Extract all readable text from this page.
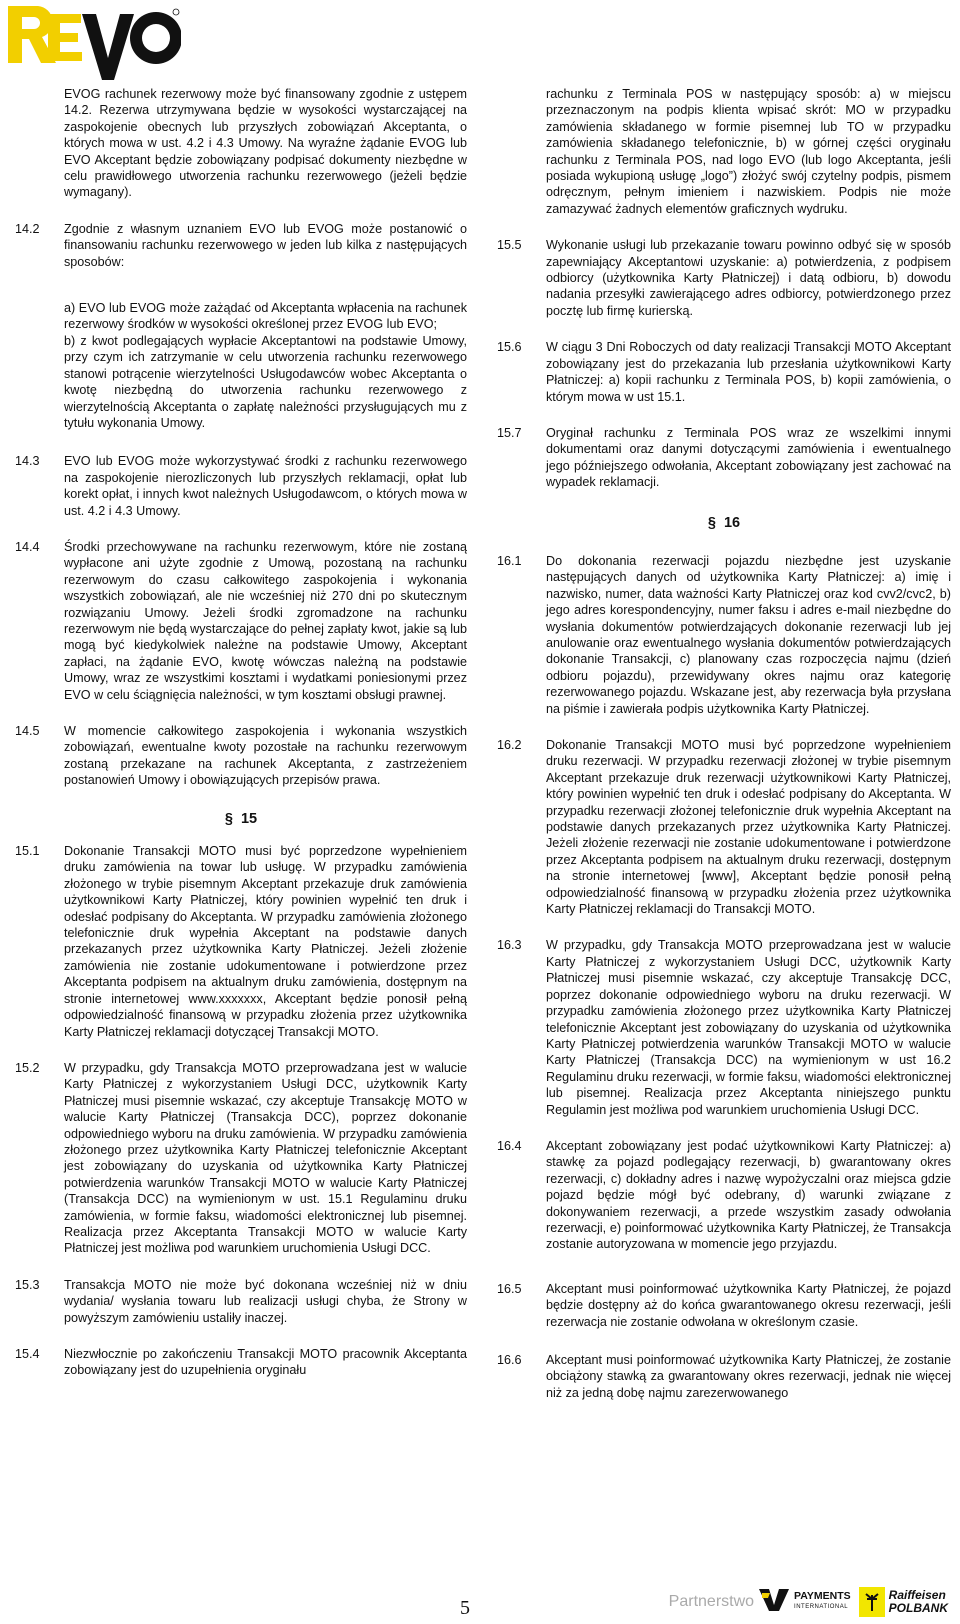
EVOG rachunek rezerwowy może być finansowany zgodnie z ustępem 14.2. Rezerwa utrzymywana będzie w wysokości wystarczającej na zaspokojenie obecnych lub przyszłych zobowiązań Akceptanta, o których mowa w ust. 4.2 i 4.3 Umowy. Na wyraźne żądanie EVOG lub EVO Akceptant będzie zobowiązany podpisać dokumenty niezbędne w celu prawidłowego utworzenia rachunku rezerwowego (jeżeli będzie wymagany).

14.2	Zgodnie z własnym uznaniem EVO lub EVOG może postanowić o finansowaniu rachunku rezerwowego w jeden lub kilka z następujących sposobów:

a) EVO lub EVOG może zażądać od Akceptanta wpłacenia na rachunek rezerwowy środków w wysokości określonej przez EVOG lub EVO;

b) z kwot podlegających wypłacie Akceptantowi na podstawie Umowy, przy czym ich zatrzymanie w celu utworzenia rachunku rezerwowego stanowi potrącenie wierzytelności Usługodawców wobec Akceptanta o kwotę niezbędną do utworzenia rachunku rezerwowego z wierzytelnością Akceptanta o zapłatę należności przysługujących mu z tytułu wykonania Umowy.

14.3	EVO lub EVOG może wykorzystywać środki z rachunku rezerwowego na zaspokojenie nierozliczonych lub przyszłych reklamacji, opłat lub korekt opłat, i innych kwot należnych Usługodawcom, o których mowa w ust. 4.2 i 4.3 Umowy.

14.4	Środki przechowywane na rachunku rezerwowym, które nie zostaną wypłacone ani użyte zgodnie z Umową, pozostaną na rachunku rezerwowym do czasu całkowitego zaspokojenia i wykonania wszystkich zobowiązań, ale nie wcześniej niż 270 dni po skutecznym rozwiązaniu Umowy. Jeżeli środki zgromadzone na rachunku rezerwowym nie będą wystarczające do pełnej zapłaty kwot, jakie są lub mogą być kiedykolwiek należne na podstawie Umowy, Akceptant zapłaci, na żądanie EVO, kwotę wówczas należną na podstawie Umowy, wraz ze wszystkimi kosztami i wydatkami poniesionymi przez EVO w celu ściągnięcia należności, w tym kosztami obsługi prawnej.

14.5	W momencie całkowitego zaspokojenia i wykonania wszystkich zobowiązań, ewentualne kwoty pozostałe na rachunku rezerwowym zostaną przekazane na rachunek Akceptanta, z zastrzeżeniem postanowień Umowy i obowiązujących przepisów prawa.

§ 15
15.1	Dokonanie Transakcji MOTO musi być poprzedzone wypełnieniem druku zamówienia na towar lub usługę. W przypadku zamówienia złożonego w trybie pisemnym Akceptant przekazuje druk zamówienia użytkownikowi Karty Płatniczej, który powinien wypełnić ten druk i odesłać podpisany do Akceptanta. W przypadku zamówienia złożonego telefonicznie druk wypełnia Akceptant na podstawie danych przekazanych przez użytkownika Karty Płatniczej. Jeżeli złożenie zamówienia nie zostanie udokumentowane i potwierdzone przez Akceptanta podpisem na aktualnym druku zamówienia, dostępnym na stronie internetowej www.xxxxxxx, Akceptant będzie ponosił pełną odpowiedzialność finansową w przypadku złożenia przez użytkownika Karty Płatniczej reklamacji dotyczącej Transakcji MOTO.

15.2	W przypadku, gdy Transakcja MOTO przeprowadzana jest w walucie Karty Płatniczej z wykorzystaniem Usługi DCC, użytkownik Karty Płatniczej musi pisemnie wskazać, czy akceptuje Transakcję MOTO w walucie Karty Płatniczej (Transakcja DCC), poprzez dokonanie odpowiedniego wyboru na druku zamówienia. W przypadku zamówienia złożonego przez użytkownika Karty Płatniczej telefonicznie Akceptant jest zobowiązany do uzyskania od użytkownika Karty Płatniczej potwierdzenia warunków Transakcji MOTO w walucie Karty Płatniczej (Transakcja DCC) na wymienionym w ust. 15.1 Regulaminu druku zamówienia, w formie faksu, wiadomości elektronicznej lub pisemnej. Realizacja przez Akceptanta Transakcji MOTO w walucie Karty Płatniczej jest możliwa pod warunkiem uruchomienia Usługi DCC.

15.3	Transakcja MOTO nie może być dokonana wcześniej niż w dniu wydania/ wysłania towaru lub realizacji usługi chyba, że Strony w powyższym zamówieniu ustaliły inaczej.

15.4	Niezwłocznie po zakończeniu Transakcji MOTO pracownik Akceptanta zobowiązany jest do uzupełnienia oryginału

rachunku z Terminala POS w następujący sposób: a) w miejscu przeznaczonym na podpis klienta wpisać skrót: MO w przypadku zamówienia składanego w formie pisemnej lub TO w przypadku zamówienia składanego telefonicznie, b) w górnej części oryginału rachunku z Terminala POS, nad logo EVO (lub logo Akceptanta, jeśli posiada wykupioną usługę „logo”) złożyć swój czytelny podpis, pismem odręcznym, pełnym imieniem i nazwiskiem. Podpis nie może zamazywać żadnych elementów graficznych wydruku.

15.5	Wykonanie usługi lub przekazanie towaru powinno odbyć się w sposób zapewniający Akceptantowi uzyskanie: a) potwierdzenia, z podpisem odbiorcy (użytkownika Karty Płatniczej) i datą odbioru, b) dowodu nadania przesyłki zawierającego adres odbiorcy, potwierdzonego przez pocztę lub firmę kurierską.

15.6	W ciągu 3 Dni Roboczych od daty realizacji Transakcji MOTO Akceptant zobowiązany jest do przekazania lub przesłania użytkownikowi Karty Płatniczej: a) kopii rachunku z Terminala POS, b) kopii zamówienia, o którym mowa w ust 15.1.

15.7	Oryginał rachunku z Terminala POS wraz ze wszelkimi innymi dokumentami oraz danymi dotyczącymi zamówienia i ewentualnego jego późniejszego odwołania, Akceptant zobowiązany jest zachować na wypadek reklamacji.

§ 16
16.1	Do dokonania rezerwacji pojazdu niezbędne jest uzyskanie następujących danych od użytkownika Karty Płatniczej: a) imię i nazwisko, numer, data ważności Karty Płatniczej oraz kod cvv2/cvc2, b) jego adres korespondencyjny, numer faksu i adres e-mail niezbędne do wysłania dokumentów potwierdzających dokonanie rezerwacji lub jej anulowanie oraz ewentualnego wysłania dokumentów potwierdzających dokonanie Transakcji, c) planowany czas rozpoczęcia najmu (dzień odbioru pojazdu), przewidywany okres najmu oraz kategorię rezerwowanego pojazdu. Wskazane jest, aby rezerwacja była przysłana na piśmie i zawierała podpis użytkownika Karty Płatniczej.

16.2	Dokonanie Transakcji MOTO musi być poprzedzone wypełnieniem druku rezerwacji. W przypadku rezerwacji złożonej w trybie pisemnym Akceptant przekazuje druk rezerwacji użytkownikowi Karty Płatniczej, który powinien wypełnić ten druk i odesłać podpisany do Akceptanta. W przypadku rezerwacji złożonej telefonicznie druk wypełnia Akceptant na podstawie danych przekazanych przez użytkownika Karty Płatniczej. Jeżeli złożenie rezerwacji nie zostanie udokumentowane i potwierdzone przez Akceptanta podpisem na aktualnym druku rezerwacji, dostępnym na stronie internetowej [www], Akceptant będzie ponosił pełną odpowiedzialność finansową w przypadku złożenia przez użytkownika Karty Płatniczej reklamacji do Transakcji MOTO.

16.3	W przypadku, gdy Transakcja MOTO przeprowadzana jest w walucie Karty Płatniczej z wykorzystaniem Usługi DCC, użytkownik Karty Płatniczej musi pisemnie wskazać, czy akceptuje Transakcję DCC, poprzez dokonanie odpowiedniego wyboru na druku rezerwacji. W przypadku zamówienia złożonego przez użytkownika Karty Płatniczej telefonicznie Akceptant jest zobowiązany do uzyskania od użytkownika Karty Płatniczej potwierdzenia warunków Transakcji MOTO w walucie Karty Płatniczej (Transakcja DCC) na wymienionym w ust 16.2 Regulaminu druku rezerwacji, w formie faksu, wiadomości elektronicznej lub pisemnej. Realizacja przez Akceptanta niniejszego punktu Regulamin jest możliwa pod warunkiem uruchomienia Usługi DCC.

16.4	Akceptant zobowiązany jest podać użytkownikowi Karty Płatniczej: a) stawkę za pojazd podlegający rezerwacji, b) gwarantowany okres rezerwacji, c) dokładny adres i nazwę wypożyczalni oraz miejsca gdzie pojazd będzie mógł być odebrany, d) warunki związane z dokonywaniem rezerwacji, a przede wszystkim zasady odwołania rezerwacji, e) poinformować użytkownika Karty Płatniczej, że Transakcja zostanie autoryzowana w momencie jego przyjazdu.

16.5	Akceptant musi poinformować użytkownika Karty Płatniczej, że pojazd będzie dostępny aż do końca gwarantowanego okresu rezerwacji, jeśli rezerwacja nie zostanie odwołana w określonym czasie.

16.6	Akceptant musi poinformować użytkownika Karty Płatniczej, że zostanie obciążony stawką za gwarantowany okres rezerwacji, jednak nie więcej niż za jedną dobę najmu zarezerwowanego

5	Partnerstwo	PAYMENTS
INTERNATIONAL
Raiffeisen
POLBANK
